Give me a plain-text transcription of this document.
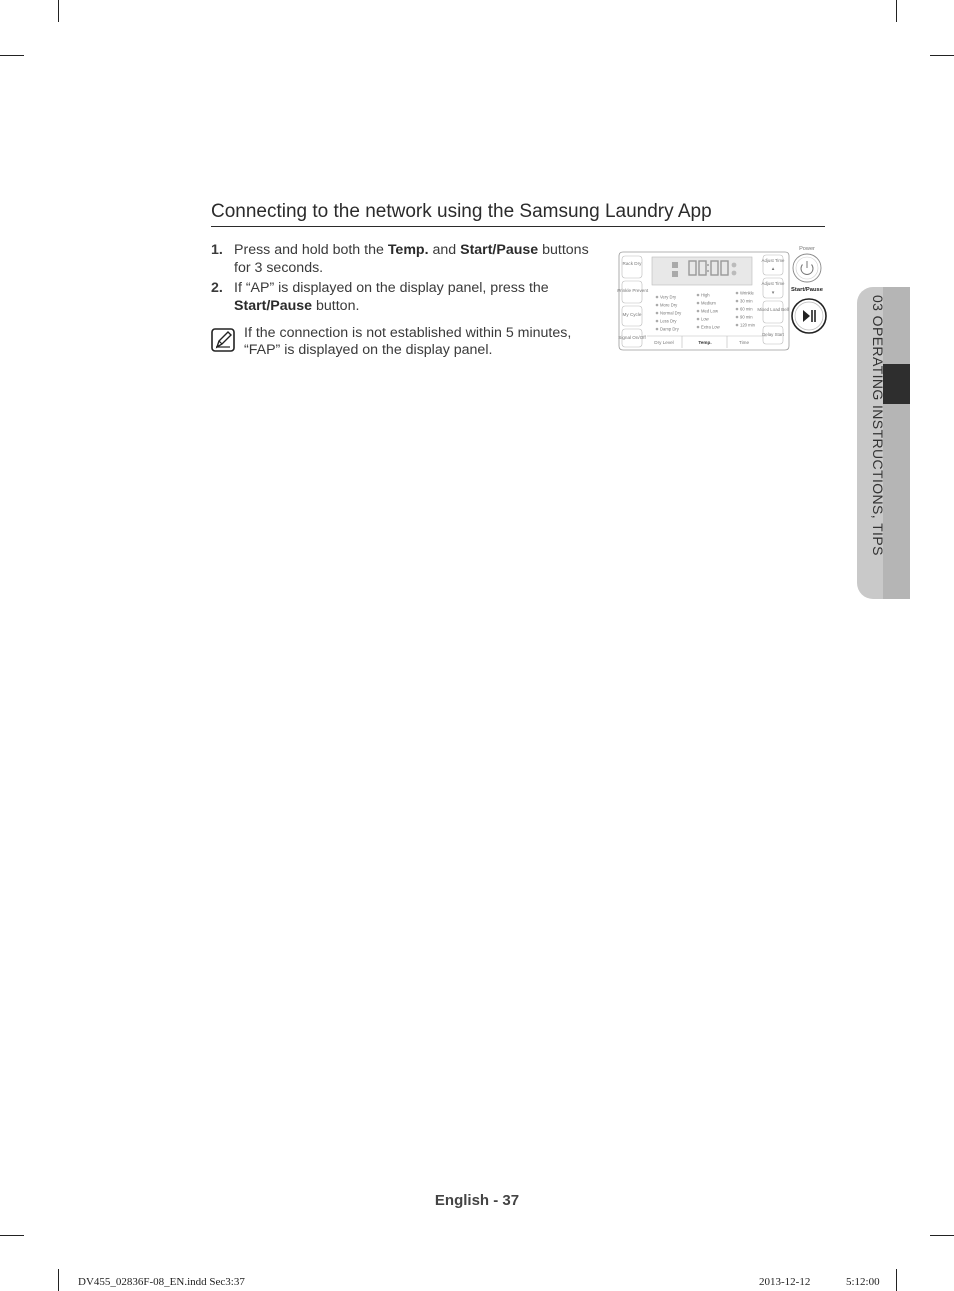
Connecting to the network using the Samsung Laundry App
1. Press and hold both the Temp. and Start/Pause buttons for 3 seconds.
2. If “AP” is displayed on the display panel, press the Start/Pause button.
If the connection is not established within 5 minutes, “FAP” is displayed on the display panel.
Rack Dry
Wrinkle Prevent
My Cycle
Signal On/Off
Very Dry
More Dry
Normal Dry
Less Dry
Damp Dry
High
Medium
Med Low
Low
Extra Low
Wrinkle
30 min
60 min
90 min
120 min
Dry Level	Temp.	Time
Adjust Time
▲
Adjust Time
▼
Mixed Load Bell
Delay Start
Power
Start/Pause
03 OPERATING INSTRUCTIONS, TIPS
English - 37
DV455_02836F-08_EN.indd Sec3:37	2013-12-12	5:12:00
